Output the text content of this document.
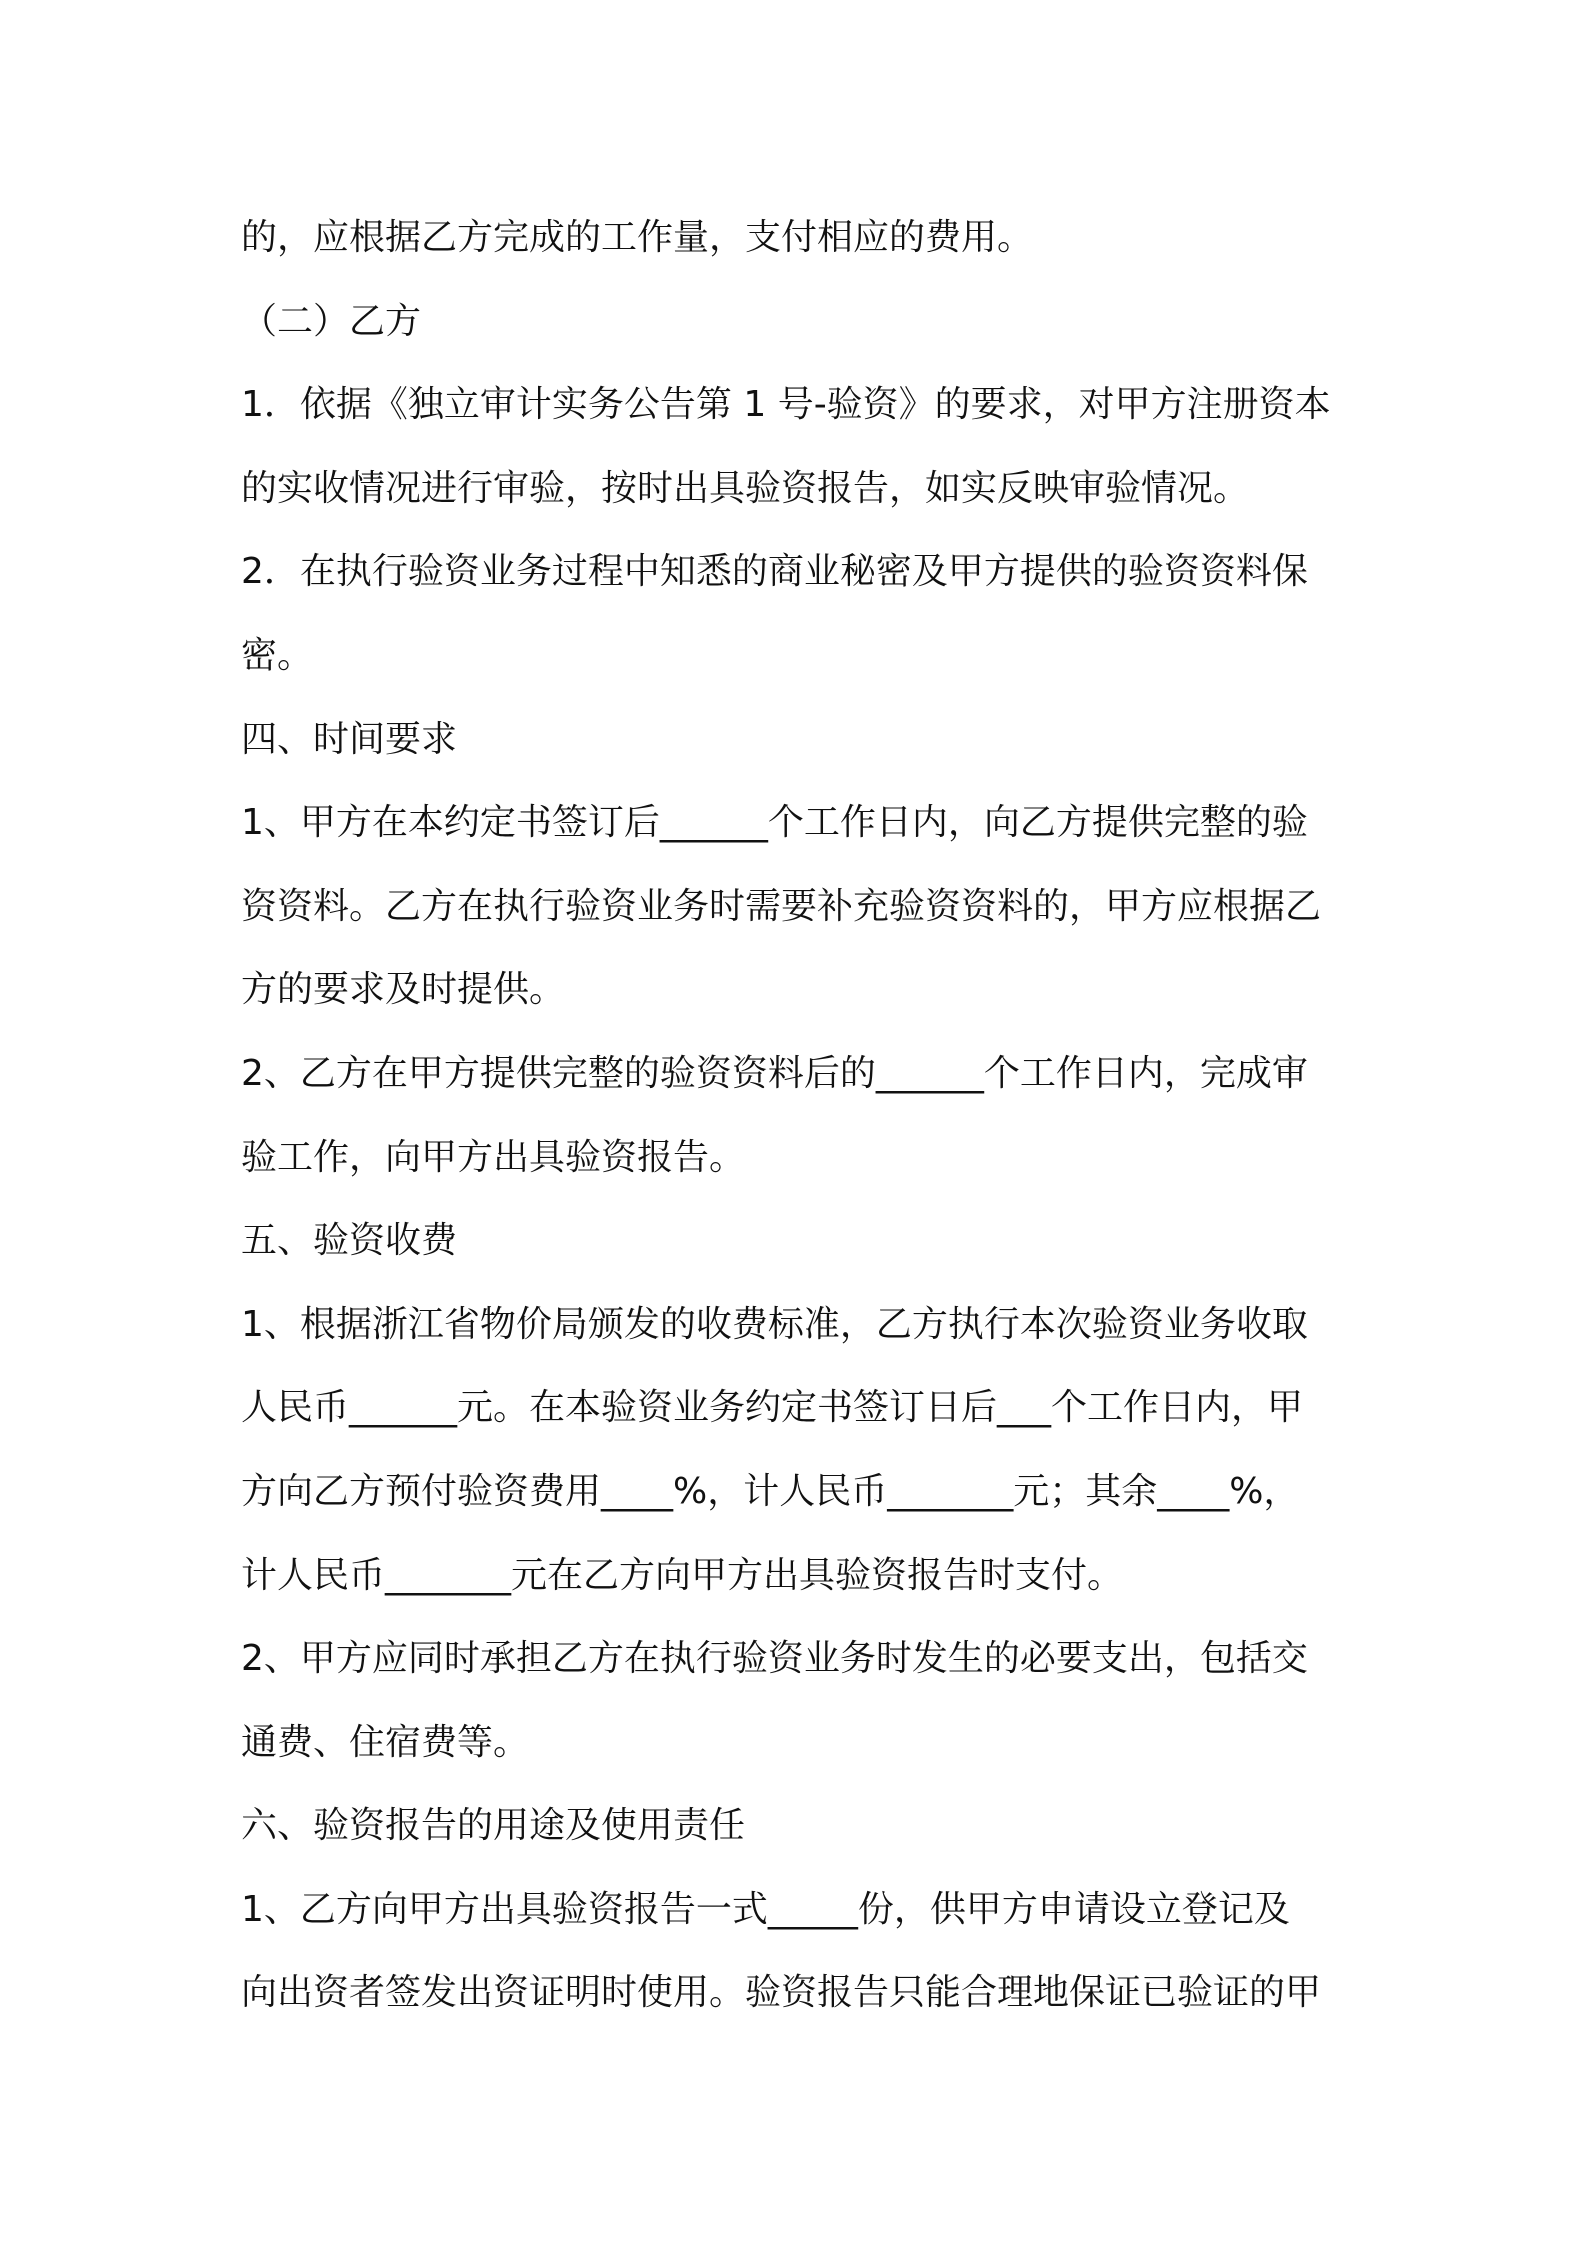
的，应根据乙方完成的工作量，支付相应的费用。
（二）乙方
1．依据《独立审计实务公告第 1 号-验资》的要求，对甲方注册资本
的实收情况进行审验，按时出具验资报告，如实反映审验情况。
2．在执行验资业务过程中知悉的商业秘密及甲方提供的验资资料保
密。
四、时间要求
1、甲方在本约定书签订后______个工作日内，向乙方提供完整的验
资资料。乙方在执行验资业务时需要补充验资资料的，甲方应根据乙
方的要求及时提供。
2、乙方在甲方提供完整的验资资料后的______个工作日内，完成审
验工作，向甲方出具验资报告。
五、验资收费
1、根据浙江省物价局颁发的收费标准，乙方执行本次验资业务收取
人民币______元。在本验资业务约定书签订日后___个工作日内，甲
方向乙方预付验资费用____%，计人民币_______元；其余____%，
计人民币_______元在乙方向甲方出具验资报告时支付。
2、甲方应同时承担乙方在执行验资业务时发生的必要支出，包括交
通费、住宿费等。
六、验资报告的用途及使用责任
1、乙方向甲方出具验资报告一式_____份，供甲方申请设立登记及
向出资者签发出资证明时使用。验资报告只能合理地保证已验证的甲
